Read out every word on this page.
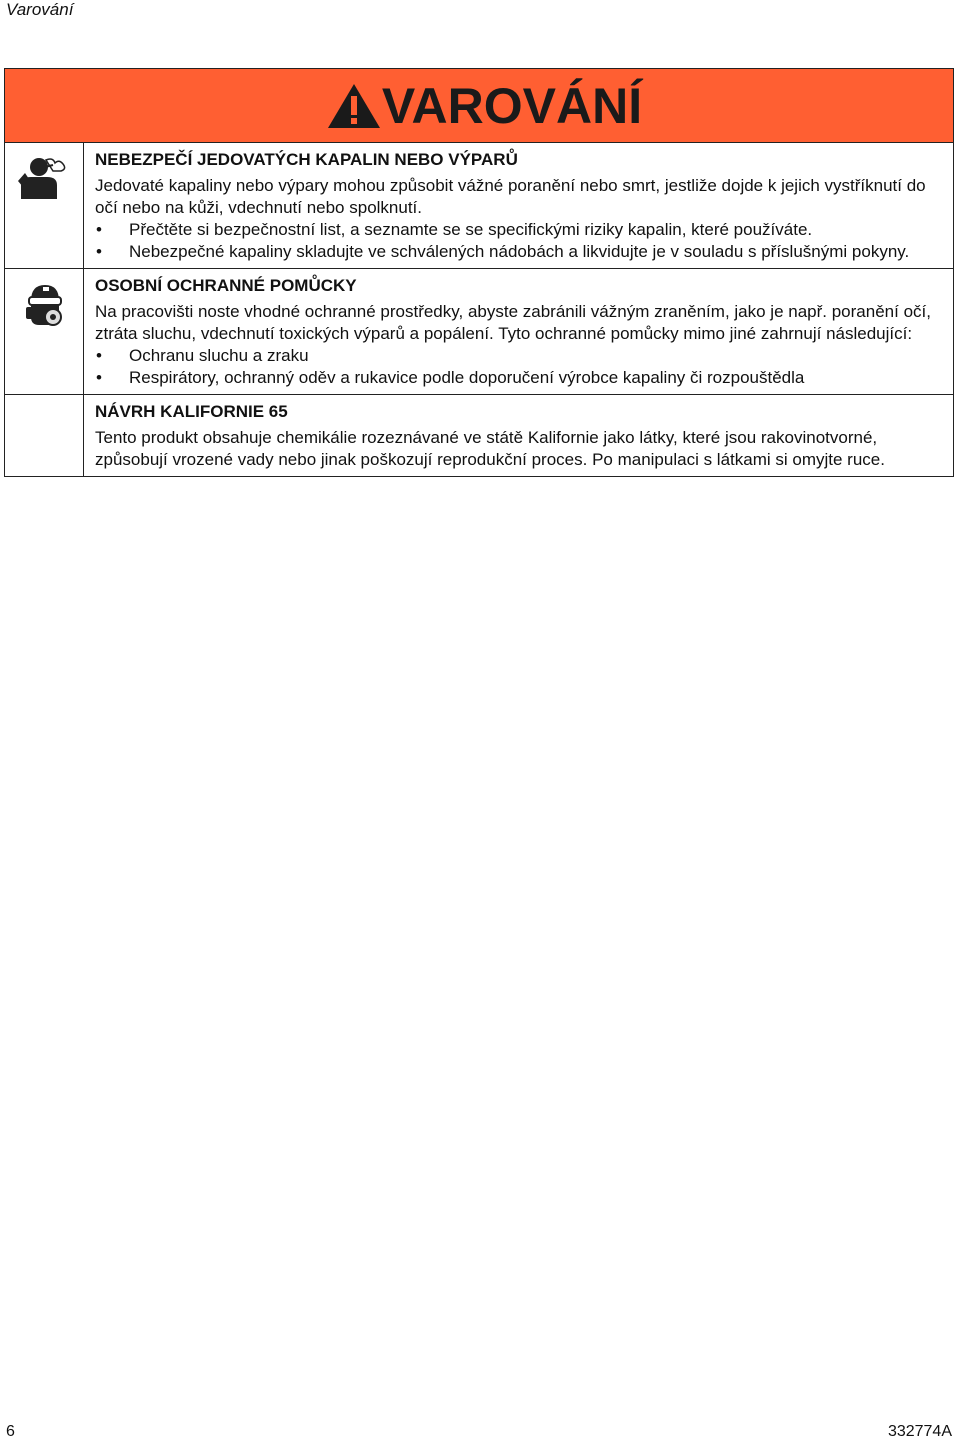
Varování
VAROVÁNÍ
NEBEZPEČÍ JEDOVATÝCH KAPALIN NEBO VÝPARŮ

Jedovaté kapaliny nebo výpary mohou způsobit vážné poranění nebo smrt, jestliže dojde k jejich vystříknutí do očí nebo na kůži, vdechnutí nebo spolknutí.

• Přečtěte si bezpečnostní list, a seznamte se se specifickými riziky kapalin, které používáte.
• Nebezpečné kapaliny skladujte ve schválených nádobách a likvidujte je v souladu s příslušnými pokyny.
OSOBNÍ OCHRANNÉ POMŮCKY

Na pracovišti noste vhodné ochranné prostředky, abyste zabránili vážným zraněním, jako je např. poranění očí, ztráta sluchu, vdechnutí toxických výparů a popálení. Tyto ochranné pomůcky mimo jiné zahrnují následující:

• Ochranu sluchu a zraku
• Respirátory, ochranný oděv a rukavice podle doporučení výrobce kapaliny či rozpouštědla
NÁVRH KALIFORNIE 65

Tento produkt obsahuje chemikálie rozeznávané ve státě Kalifornie jako látky, které jsou rakovinotvorné, způsobují vrozené vady nebo jinak poškozují reprodukční proces. Po manipulaci s látkami si omyjte ruce.

6	332774A
